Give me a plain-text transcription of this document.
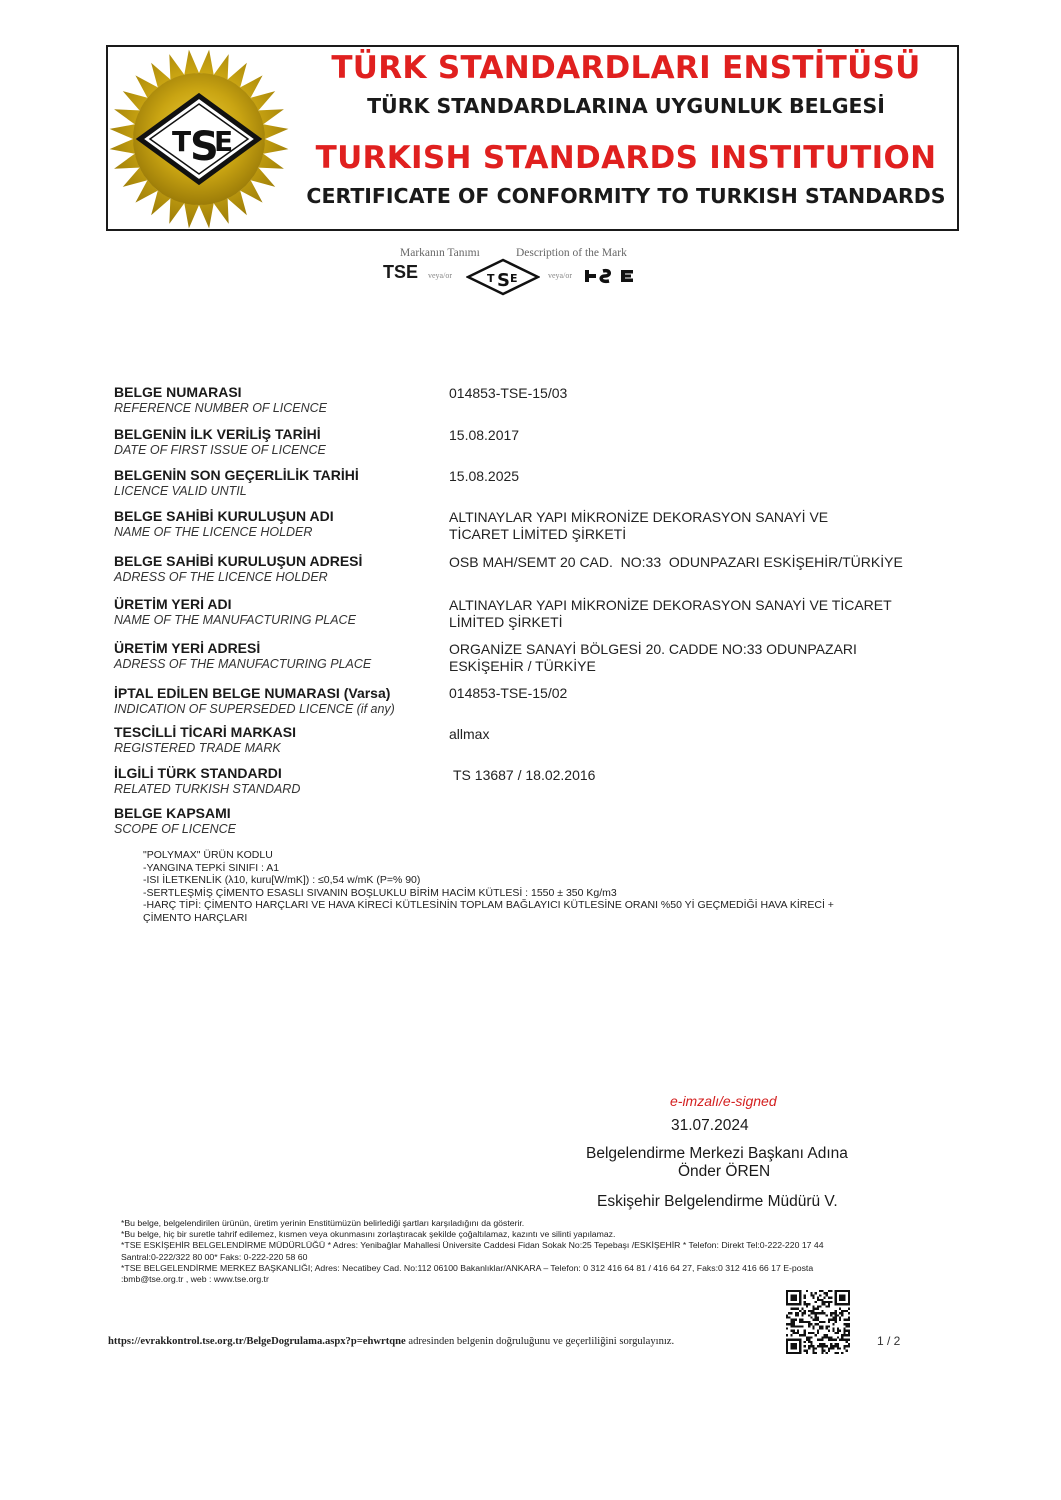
T
S
E
TÜRK STANDARDLARI ENSTİTÜSÜ
TÜRK STANDARDLARINA UYGUNLUK BELGESİ
TURKISH STANDARDS INSTITUTION
CERTIFICATE OF CONFORMITY TO TURKISH STANDARDS
Markanın Tanımı	Description of the Mark
TSE veya/or	T S E	veya/or
BELGE NUMARASI
REFERENCE NUMBER OF LICENCE
014853-TSE-15/03
BELGENİN İLK VERİLİŞ TARİHİ
DATE OF FIRST ISSUE OF LICENCE
15.08.2017
BELGENİN SON GEÇERLİLİK TARİHİ
LICENCE VALID UNTIL
15.08.2025
BELGE SAHİBİ KURULUŞUN ADI
NAME OF THE LICENCE HOLDER
ALTINAYLAR YAPI MİKRONİZE DEKORASYON SANAYİ VE
TİCARET LİMİTED ŞİRKETİ
BELGE SAHİBİ KURULUŞUN ADRESİ
ADRESS OF THE LICENCE HOLDER
OSB MAH/SEMT 20 CAD.  NO:33  ODUNPAZARI ESKİŞEHİR/TÜRKİYE
ÜRETİM YERİ ADI
NAME OF THE MANUFACTURING PLACE
ALTINAYLAR YAPI MİKRONİZE DEKORASYON SANAYİ VE TİCARET
LİMİTED ŞİRKETİ
ÜRETİM YERİ ADRESİ
ADRESS OF THE MANUFACTURING PLACE
ORGANİZE SANAYİ BÖLGESİ 20. CADDE NO:33 ODUNPAZARI
ESKİŞEHİR / TÜRKİYE
İPTAL EDİLEN BELGE NUMARASI (Varsa)
INDICATION OF SUPERSEDED LICENCE (if any)
014853-TSE-15/02
TESCİLLİ TİCARİ MARKASI
REGISTERED TRADE MARK
allmax
İLGİLİ TÜRK STANDARDI
RELATED TURKISH STANDARD
TS 13687 / 18.02.2016
BELGE KAPSAMI
SCOPE OF LICENCE
"POLYMAX" ÜRÜN KODLU
-YANGINA TEPKİ SINIFI : A1
-ISI İLETKENLİK (λ10, kuru[W/mK]) : ≤0,54 w/mK (P=% 90)
-SERTLEŞMİŞ ÇİMENTO ESASLI SIVANIN BOŞLUKLU BİRİM HACİM KÜTLESİ : 1550 ± 350 Kg/m3
-HARÇ TİPİ: ÇİMENTO HARÇLARI VE HAVA KİRECİ KÜTLESİNİN TOPLAM BAĞLAYICI KÜTLESİNE ORANI %50 Yİ GEÇMEDİĞİ HAVA KİRECİ +
ÇİMENTO HARÇLARI
e-imzalı/e-signed
31.07.2024
Belgelendirme Merkezi Başkanı Adına
Önder ÖREN
Eskişehir Belgelendirme Müdürü V.
*Bu belge, belgelendirilen ürünün, üretim yerinin Enstitümüzün belirlediği şartları karşıladığını da gösterir.
*Bu belge, hiç bir suretle tahrif edilemez, kısmen veya okunmasını zorlaştıracak şekilde çoğaltılamaz, kazıntı ve silinti yapılamaz.
*TSE ESKİŞEHİR BELGELENDİRME MÜDÜRLÜĞÜ * Adres: Yenibağlar Mahallesi Üniversite Caddesi Fidan Sokak No:25 Tepebaşı /ESKİŞEHİR * Telefon: Direkt Tel:0-222-220 17 44
Santral:0-222/322 80 00* Faks: 0-222-220 58 60
*TSE BELGELENDİRME MERKEZ BAŞKANLIĞI; Adres: Necatibey Cad. No:112 06100 Bakanlıklar/ANKARA – Telefon: 0 312 416 64 81 / 416 64 27, Faks:0 312 416 66 17 E-posta
:bmb@tse.org.tr , web : www.tse.org.tr
https://evrakkontrol.tse.org.tr/BelgeDogrulama.aspx?p=ehwrtqne adresinden belgenin doğruluğunu ve geçerliliğini sorgulayınız.	1 / 2
